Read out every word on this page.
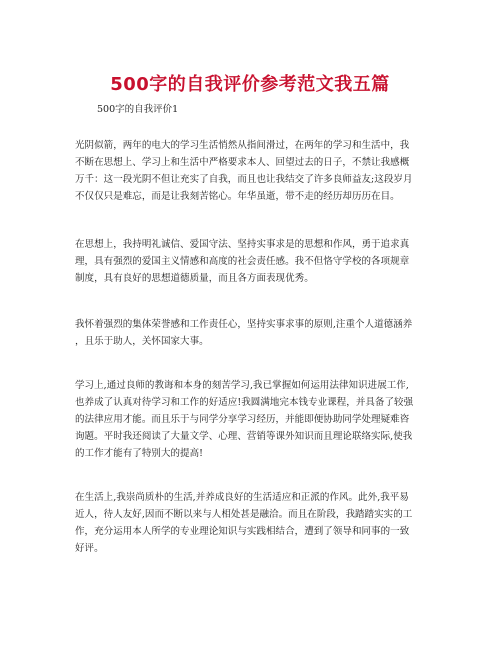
500字的自我评价参考范文我五篇
500字的自我评价1

光阴似箭，两年的电大的学习生活悄然从指间滑过，在两年的学习和生活中，我
不断在思想上、学习上和生活中严格要求本人、回望过去的日子，不禁让我感概
万千：这一段光阴不但让充实了自我，而且也让我结交了许多良师益友;这段岁月
不仅仅只是难忘，而是让我刻苦铭心。年华虽逝，带不走的经历却历历在目。

在思想上，我持明礼诚信、爱国守法、坚持实事求是的思想和作风，勇于追求真
理，具有强烈的爱国主义情感和高度的社会责任感。我不但恪守学校的各项规章
制度，具有良好的思想道德质量，而且各方面表现优秀。

我怀着强烈的集体荣誉感和工作责任心，坚持实事求事的原则,注重个人道德涵养
，且乐于助人，关怀国家大事。

学习上,通过良师的教诲和本身的刻苦学习,我已掌握如何运用法律知识进展工作,
也养成了认真对待学习和工作的好适应!我圆满地完本钱专业课程，并具备了较强
的法律应用才能。而且乐于与同学分享学习经历，并能即便协助同学处理疑难咨
询题。平时我还阅读了大量文学、心理、营销等课外知识而且理论联络实际,使我
的工作才能有了特别大的提高!

在生活上,我崇尚质朴的生活,并养成良好的生活适应和正派的作风。此外,我平易
近人，待人友好,因而不断以来与人相处甚是融洽。而且在阶段，我踏踏实实的工
作，充分运用本人所学的专业理论知识与实践相结合，遭到了领导和同事的一致
好评。
